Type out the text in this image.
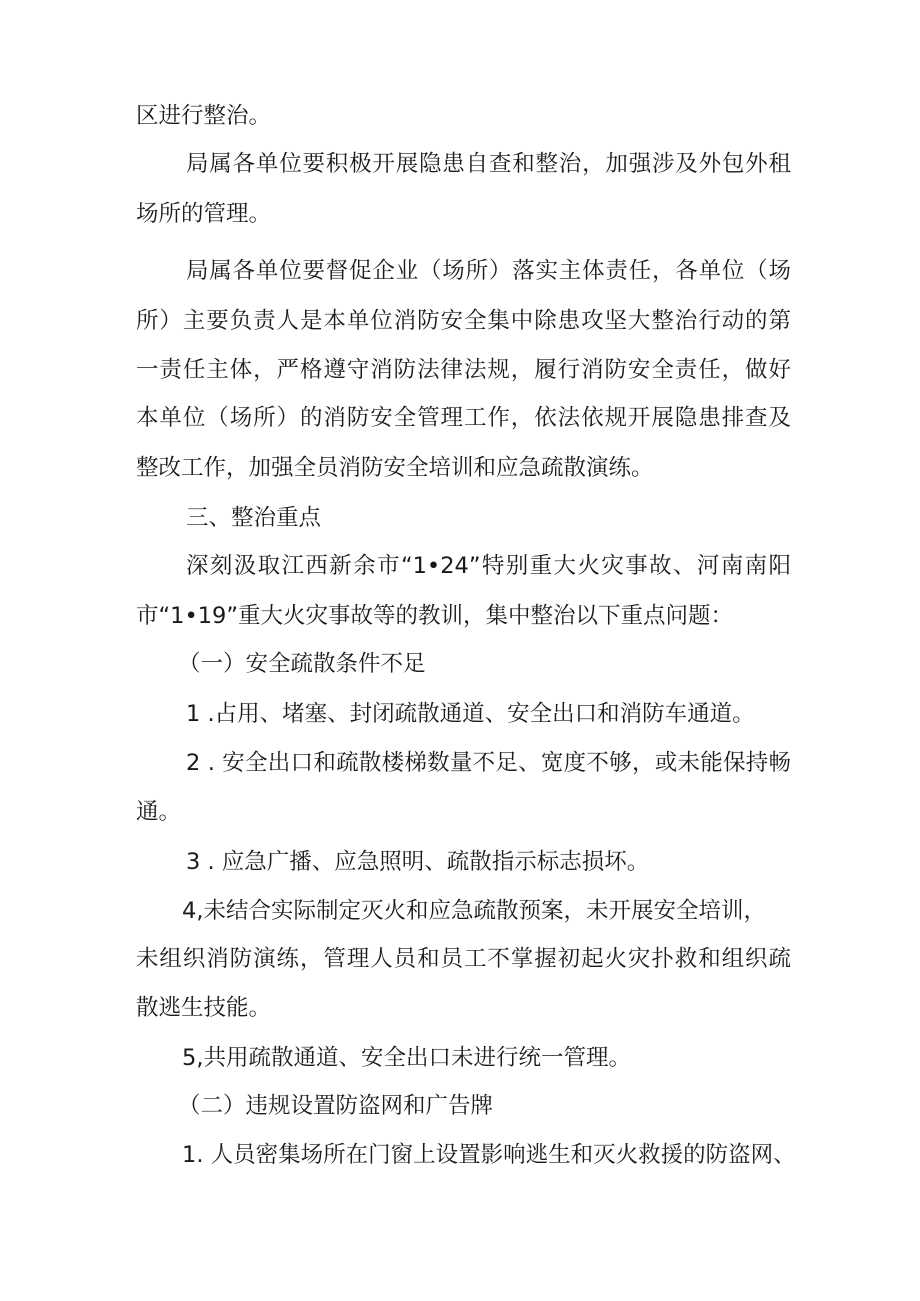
区进行整治。

局属各单位要积极开展隐患自查和整治，加强涉及外包外租

场所的管理。

局属各单位要督促企业（场所）落实主体责任，各单位（场

所）主要负责人是本单位消防安全集中除患攻坚大整治行动的第

一责任主体，严格遵守消防法律法规，履行消防安全责任，做好

本单位（场所）的消防安全管理工作，依法依规开展隐患排查及

整改工作，加强全员消防安全培训和应急疏散演练。

三、整治重点

深刻汲取江西新余市“1•24”特别重大火灾事故、河南南阳

市“1•19”重大火灾事故等的教训，集中整治以下重点问题：

（一）安全疏散条件不足

1 .占用、堵塞、封闭疏散通道、安全出口和消防车通道。

2 . 安全出口和疏散楼梯数量不足、宽度不够，或未能保持畅

通。

3 . 应急广播、应急照明、疏散指示标志损坏。

4,未结合实际制定灭火和应急疏散预案，未开展安全培训，

未组织消防演练，管理人员和员工不掌握初起火灾扑救和组织疏

散逃生技能。

5,共用疏散通道、安全出口未进行统一管理。

（二）违规设置防盗网和广告牌

1. 人员密集场所在门窗上设置影响逃生和灭火救援的防盗网、
